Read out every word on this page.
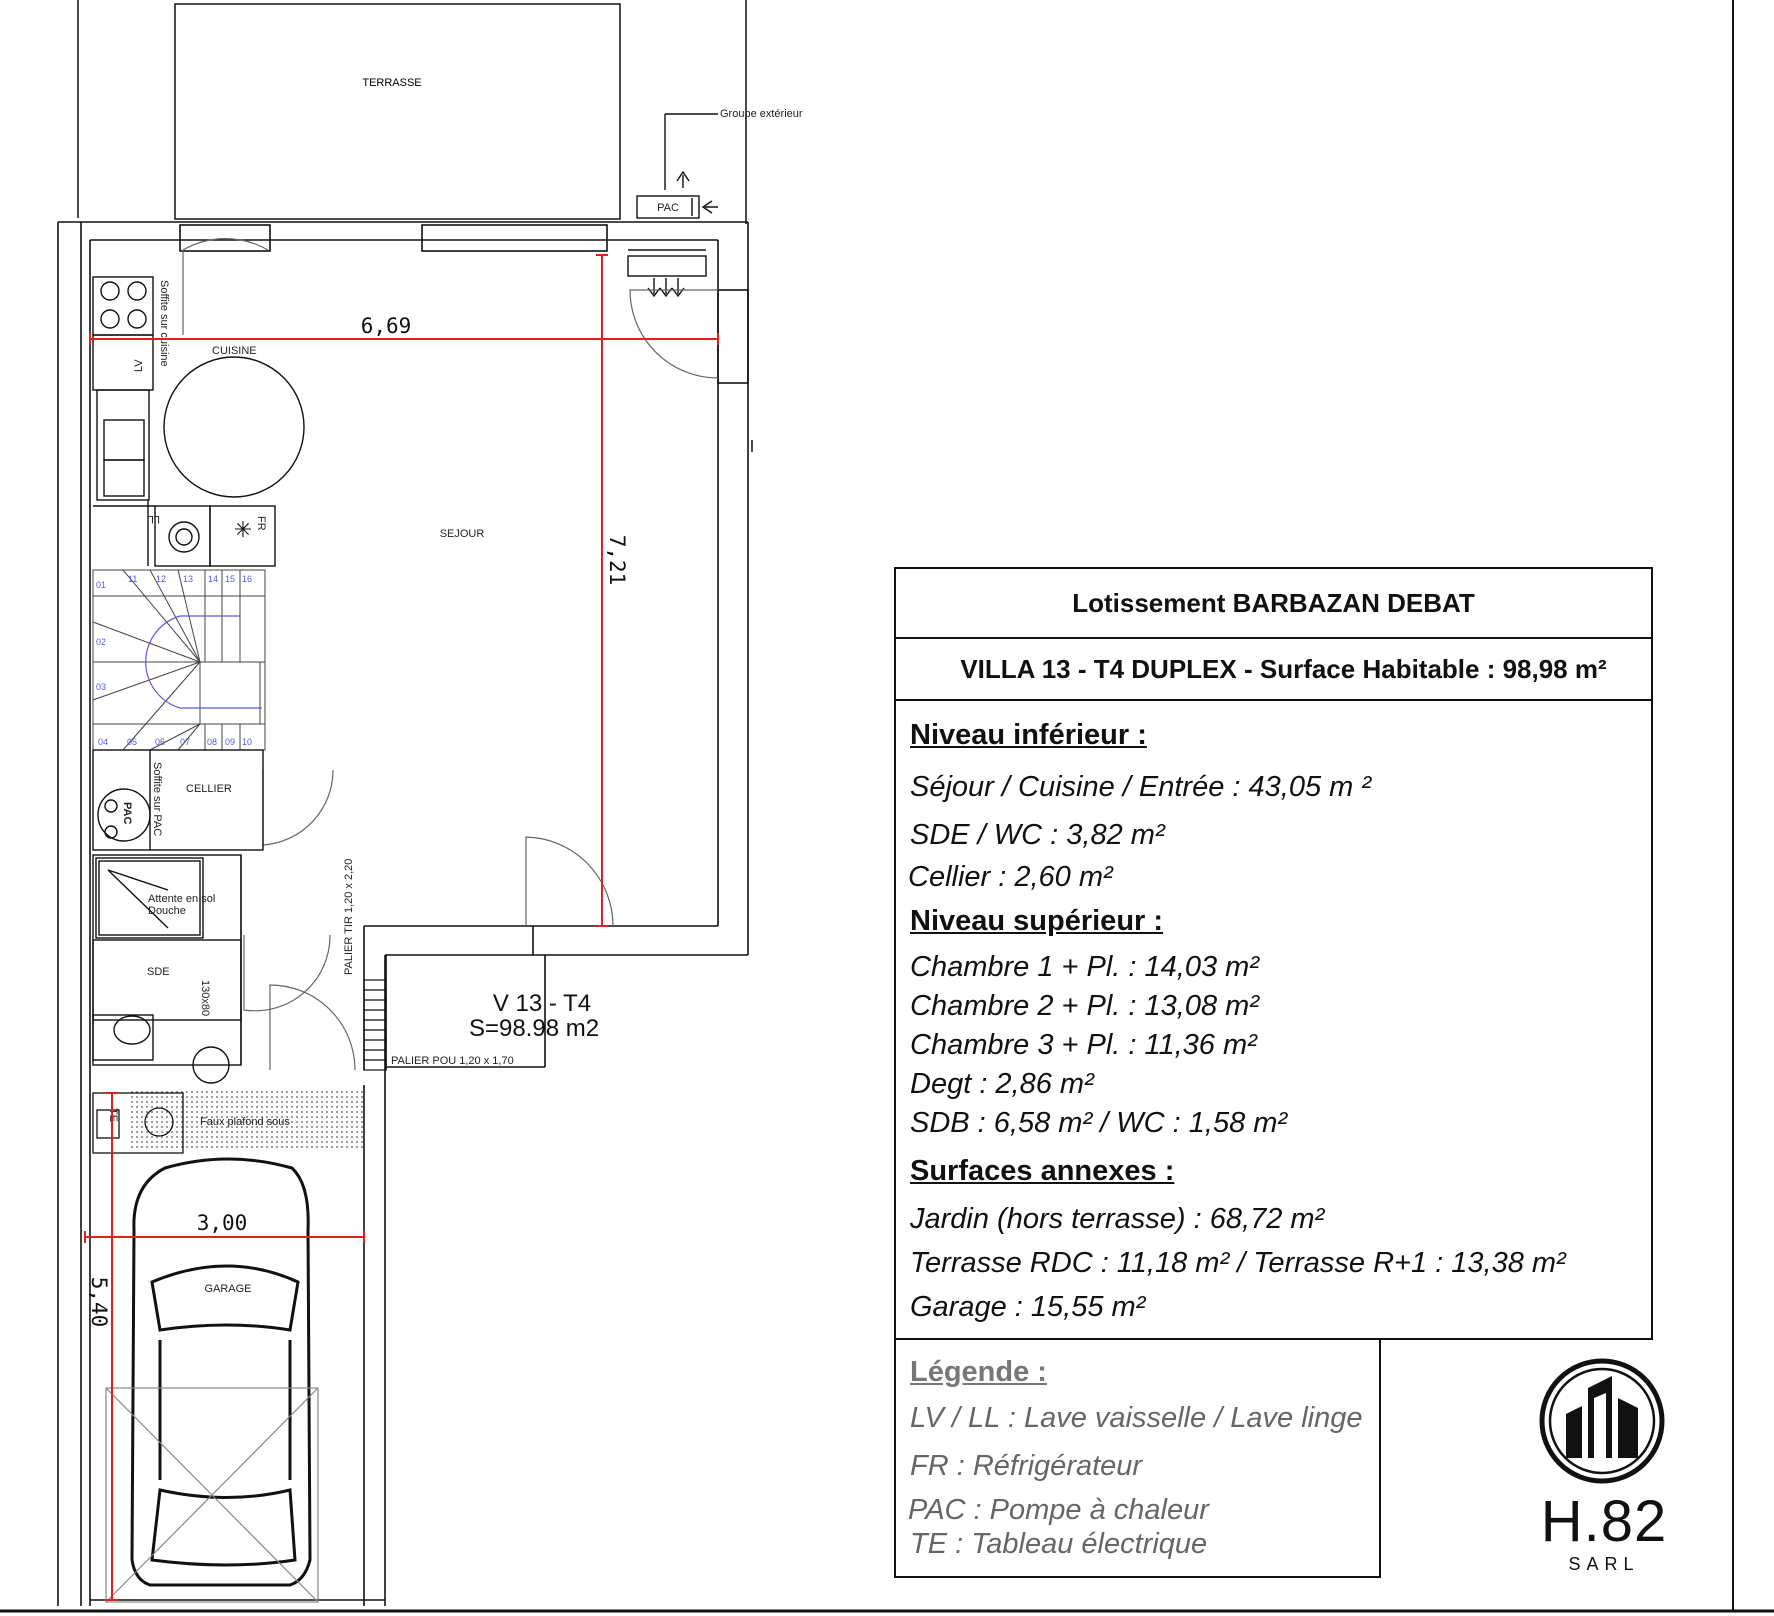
TERRASSE
Groupe extérieur
PAC
✳
CUISINE
SEJOUR
LV
LL	FR
Soffite sur cuisine
01
02
03
04 05 06 07 08 09 10
11 12 13 14 15 16
CELLIER
Soffite sur PAC
PAC
Attente en sol
Douche
SDE
130x80
PALIER TIR 1,20 x 2,20
PALIER POU 1,20 x 1,70
V 13 - T4
S=98.98 m2
Faux plafond sous
TE
GARAGE
6,69
7,21
3,00
5,40
Lotissement BARBAZAN DEBAT
VILLA 13 - T4 DUPLEX - Surface Habitable : 98,98 m²
Niveau inférieur :
Séjour / Cuisine / Entrée : 43,05 m ²
SDE / WC : 3,82 m²
Cellier : 2,60 m²
Niveau supérieur :
Chambre 1 + Pl. : 14,03 m²
Chambre 2 + Pl. : 13,08 m²
Chambre 3 + Pl. : 11,36 m²
Degt : 2,86 m²
SDB : 6,58 m² / WC : 1,58 m²
Surfaces annexes :
Jardin (hors terrasse) : 68,72 m²
Terrasse RDC : 11,18 m² / Terrasse R+1 : 13,38 m²
Garage : 15,55 m²
Légende :
LV / LL : Lave vaisselle / Lave linge
FR : Réfrigérateur
PAC : Pompe à chaleur
TE : Tableau électrique	H.82
SARL
